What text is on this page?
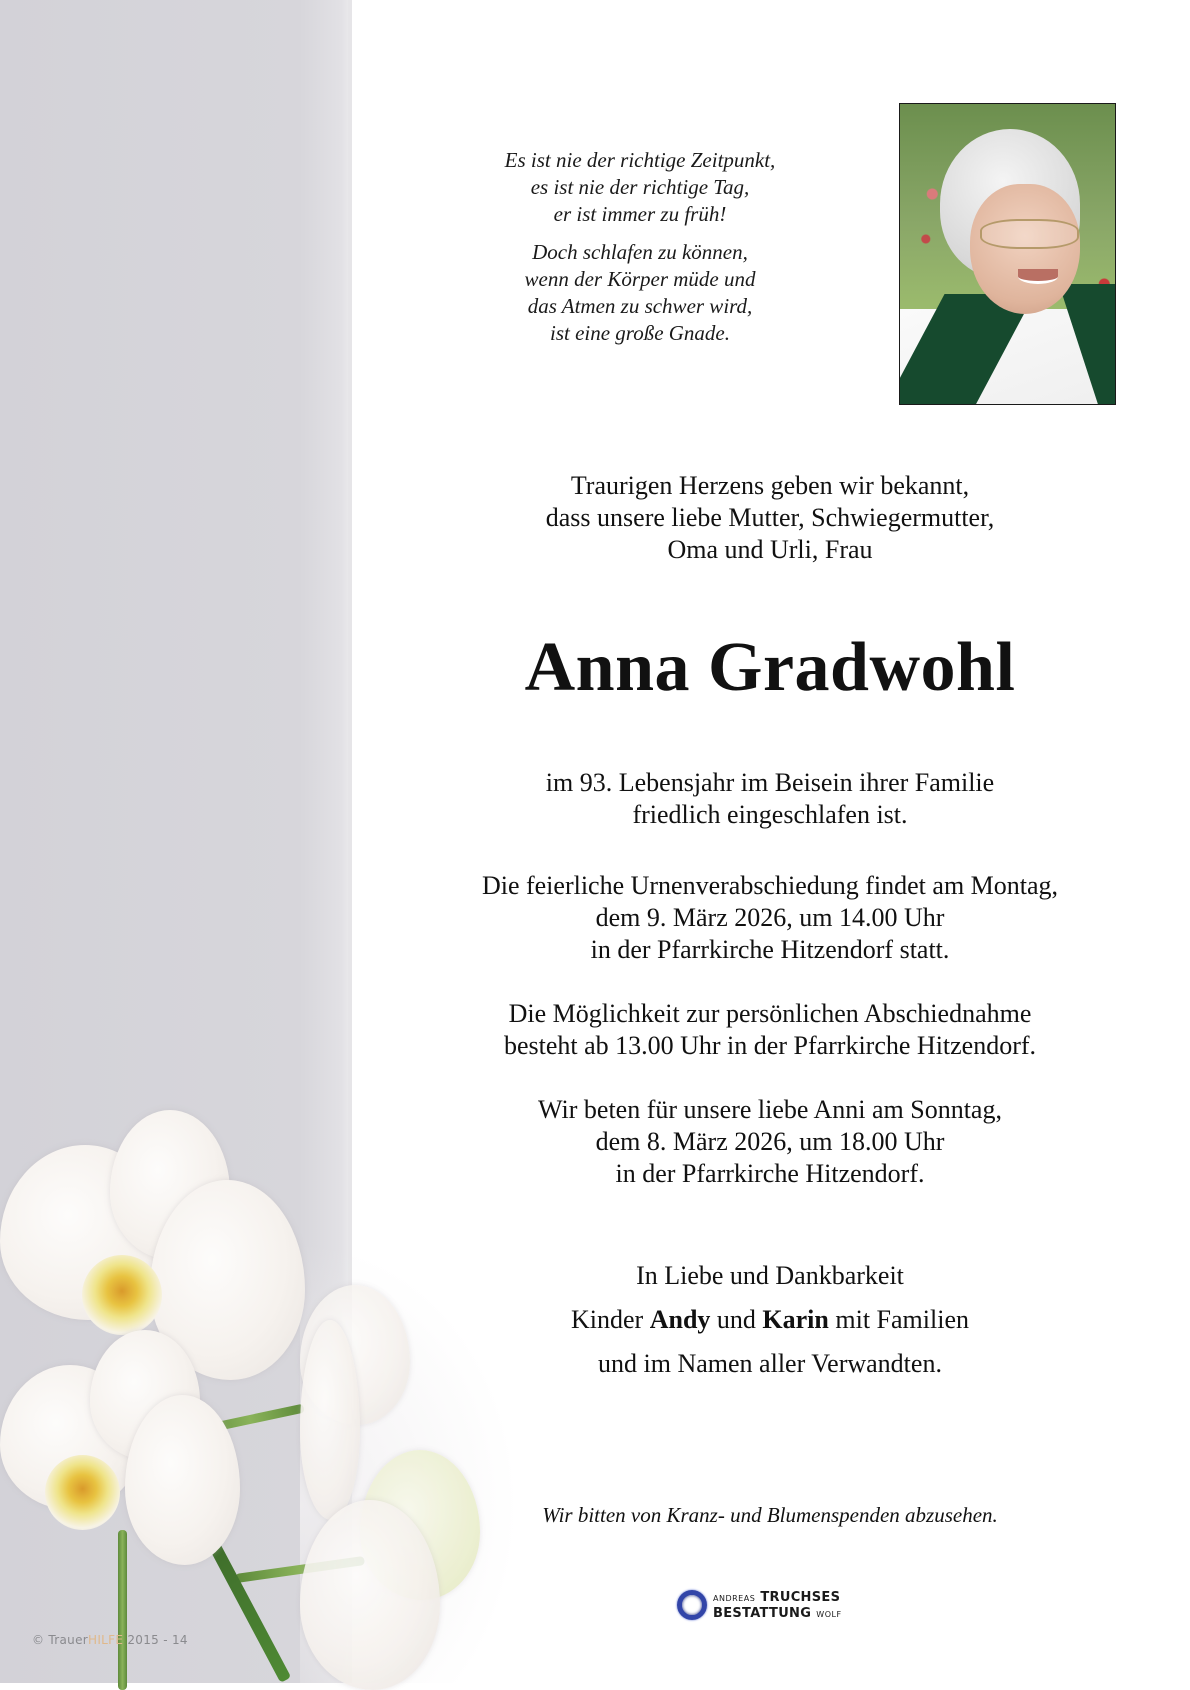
© TrauerHILFE 2015 - 14

Es ist nie der richtige Zeitpunkt,
es ist nie der richtige Tag,
er ist immer zu früh!

Doch schlafen zu können,
wenn der Körper müde und
das Atmen zu schwer wird,
ist eine große Gnade.

Traurigen Herzens geben wir bekannt,
dass unsere liebe Mutter, Schwiegermutter,
Oma und Urli, Frau
Anna Gradwohl
im 93. Lebensjahr im Beisein ihrer Familie
friedlich eingeschlafen ist.
Die feierliche Urnenverabschiedung findet am Montag,
dem 9. März 2026, um 14.00 Uhr
in der Pfarrkirche Hitzendorf statt.
Die Möglichkeit zur persönlichen Abschiednahme
besteht ab 13.00 Uhr in der Pfarrkirche Hitzendorf.
Wir beten für unsere liebe Anni am Sonntag,
dem 8. März 2026, um 18.00 Uhr
in der Pfarrkirche Hitzendorf.
In Liebe und Dankbarkeit
Kinder Andy und Karin mit Familien
und im Namen aller Verwandten.
Wir bitten von Kranz- und Blumenspenden abzusehen.
ANDREAS TRUCHSES
BESTATTUNG WOLF
